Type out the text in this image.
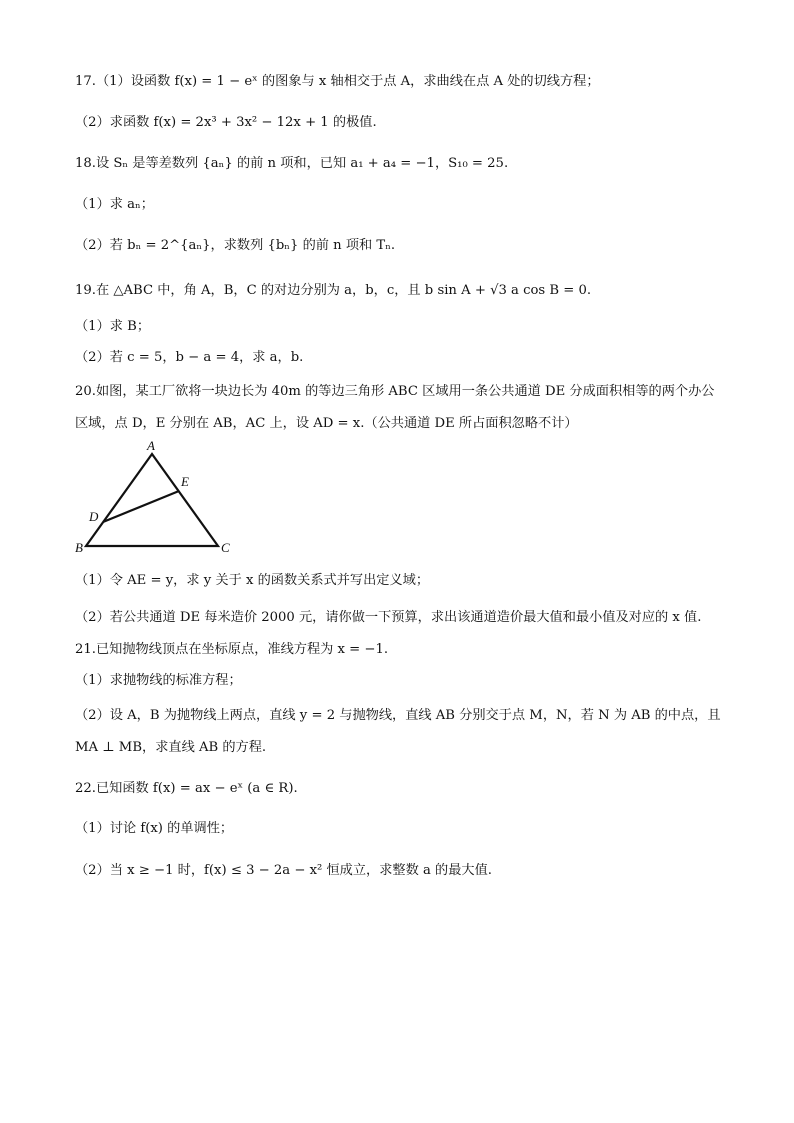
17.（1）设函数 f(x) = 1 − eˣ 的图象与 x 轴相交于点 A，求曲线在点 A 处的切线方程；
（2）求函数 f(x) = 2x³ + 3x² − 12x + 1 的极值.
18.设 Sₙ 是等差数列 {aₙ} 的前 n 项和，已知 a₁ + a₄ = −1，S₁₀ = 25.
（1）求 aₙ；
（2）若 bₙ = 2^{aₙ}，求数列 {bₙ} 的前 n 项和 Tₙ.
19.在 △ABC 中，角 A，B，C 的对边分别为 a，b，c，且 b sin A + √3 a cos B = 0.
（1）求 B；
（2）若 c = 5，b − a = 4，求 a，b.
20.如图，某工厂欲将一块边长为 40m 的等边三角形 ABC 区域用一条公共通道 DE 分成面积相等的两个办公区域，点 D，E 分别在 AB，AC 上，设 AD = x.（公共通道 DE 所占面积忽略不计）
A
B	C
D
E
（1）令 AE = y，求 y 关于 x 的函数关系式并写出定义域；
（2）若公共通道 DE 每米造价 2000 元，请你做一下预算，求出该通道造价最大值和最小值及对应的 x 值.
21.已知抛物线顶点在坐标原点，准线方程为 x = −1.
（1）求抛物线的标准方程；
（2）设 A，B 为抛物线上两点，直线 y = 2 与抛物线，直线 AB 分别交于点 M，N，若 N 为 AB 的中点，且 MA ⊥ MB，求直线 AB 的方程.
22.已知函数 f(x) = ax − eˣ (a ∈ R).
（1）讨论 f(x) 的单调性；
（2）当 x ≥ −1 时，f(x) ≤ 3 − 2a − x² 恒成立，求整数 a 的最大值.
